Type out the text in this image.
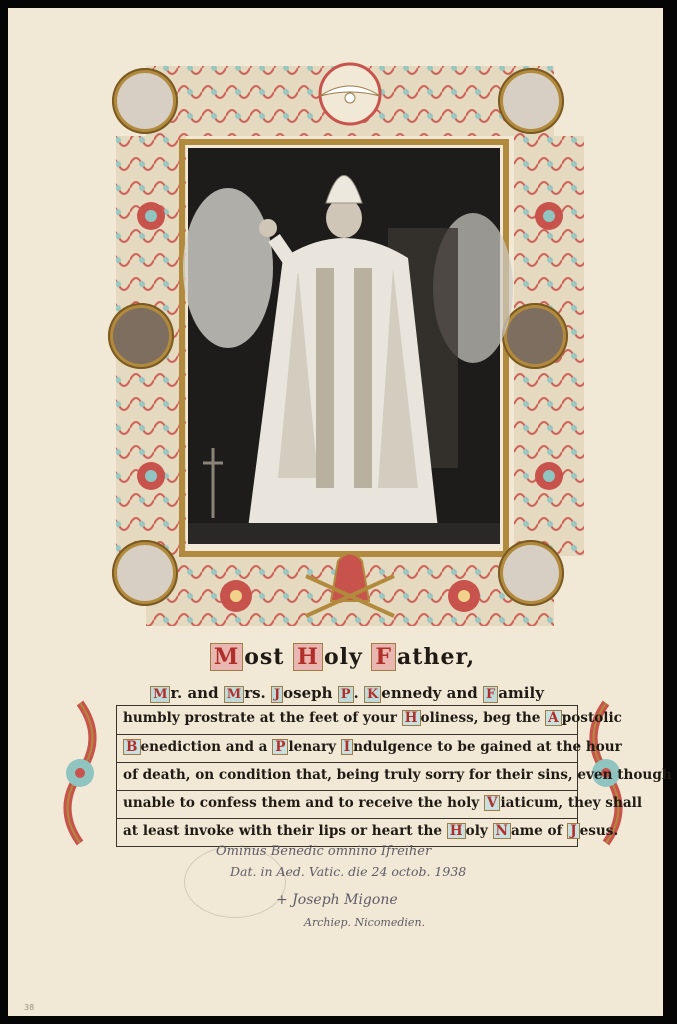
M ost H oly F ather,
M r. and M rs. J oseph P . K ennedy and F amily
humbly prostrate at the feet of your H oliness, beg the A postolic
B enediction and a P lenary I ndulgence to be gained at the hour
of death, on condition that, being truly sorry for their sins, even though
unable to confess them and to receive the holy V iaticum, they shall
at least invoke with their lips or heart the H oly N ame of J esus.
Ominus Benedic omnino Ifreiher
Dat. in Aed. Vatic. die 24 octob. 1938
+ Joseph Migone
Archiep. Nicomedien.
38
